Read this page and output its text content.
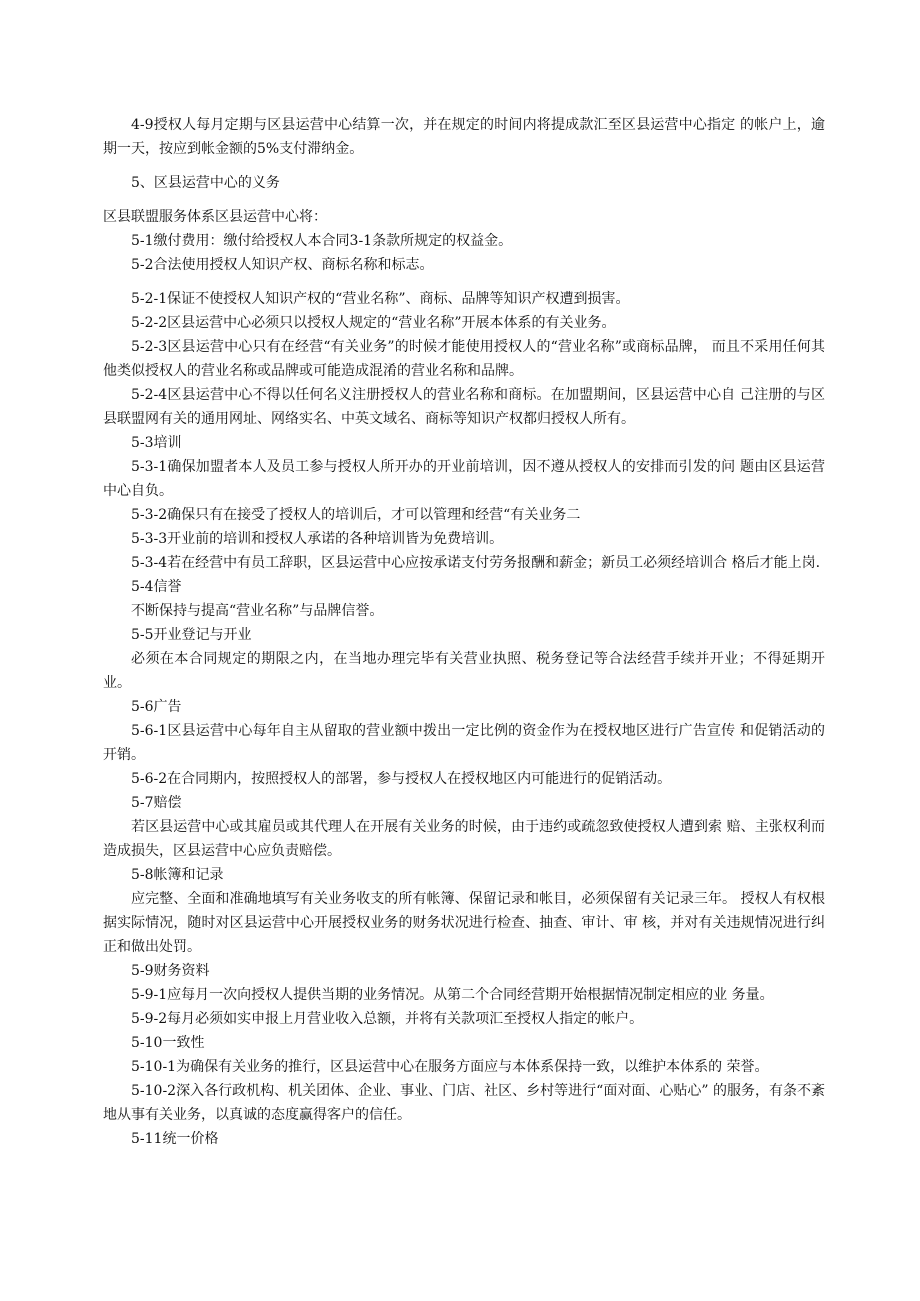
4-9授权人每月定期与区县运营中心结算一次，并在规定的时间内将提成款汇至区县运营中心指定 的帐户上，逾期一天，按应到帐金额的5%支付滞纳金。

5、区县运营中心的义务

区县联盟服务体系区县运营中心将：

5-1缴付费用：缴付给授权人本合同3-1条款所规定的权益金。

5-2合法使用授权人知识产权、商标名称和标志。

5-2-1保证不使授权人知识产权的“营业名称”、商标、品牌等知识产权遭到损害。

5-2-2区县运营中心必须只以授权人规定的“营业名称”开展本体系的有关业务。

5-2-3区县运营中心只有在经营“有关业务”的时候才能使用授权人的“营业名称”或商标品牌， 而且不采用任何其他类似授权人的营业名称或品牌或可能造成混淆的营业名称和品牌。

5-2-4区县运营中心不得以任何名义注册授权人的营业名称和商标。在加盟期间，区县运营中心自 己注册的与区县联盟网有关的通用网址、网络实名、中英文域名、商标等知识产权都归授权人所有。

5-3培训

5-3-1确保加盟者本人及员工参与授权人所开办的开业前培训，因不遵从授权人的安排而引发的问 题由区县运营中心自负。

5-3-2确保只有在接受了授权人的培训后，才可以管理和经营“有关业务二

5-3-3开业前的培训和授权人承诺的各种培训皆为免费培训。

5-3-4若在经营中有员工辞职，区县运营中心应按承诺支付劳务报酬和薪金；新员工必须经培训合 格后才能上岗.

5-4信誉

不断保持与提高“营业名称”与品牌信誉。

5-5开业登记与开业

必须在本合同规定的期限之内，在当地办理完毕有关营业执照、税务登记等合法经营手续并开业；不得延期开业。

5-6广告

5-6-1区县运营中心每年自主从留取的营业额中拨出一定比例的资金作为在授权地区进行广告宣传 和促销活动的开销。

5-6-2在合同期内，按照授权人的部署，参与授权人在授权地区内可能进行的促销活动。

5-7赔偿

若区县运营中心或其雇员或其代理人在开展有关业务的时候，由于违约或疏忽致使授权人遭到索 赔、主张权利而造成损失，区县运营中心应负责赔偿。

5-8帐簿和记录

应完整、全面和准确地填写有关业务收支的所有帐簿、保留记录和帐目，必须保留有关记录三年。 授权人有权根据实际情况，随时对区县运营中心开展授权业务的财务状况进行检查、抽查、审计、审 核，并对有关违规情况进行纠正和做出处罚。

5-9财务资料

5-9-1应每月一次向授权人提供当期的业务情况。从第二个合同经营期开始根据情况制定相应的业 务量。

5-9-2每月必须如实申报上月营业收入总额，并将有关款项汇至授权人指定的帐户。

5-10一致性

5-10-1为确保有关业务的推行，区县运营中心在服务方面应与本体系保持一致，以维护本体系的 荣誉。

5-10-2深入各行政机构、机关团体、企业、事业、门店、社区、乡村等进行“面对面、心贴心” 的服务，有条不紊地从事有关业务，以真诚的态度赢得客户的信任。

5-11统一价格
